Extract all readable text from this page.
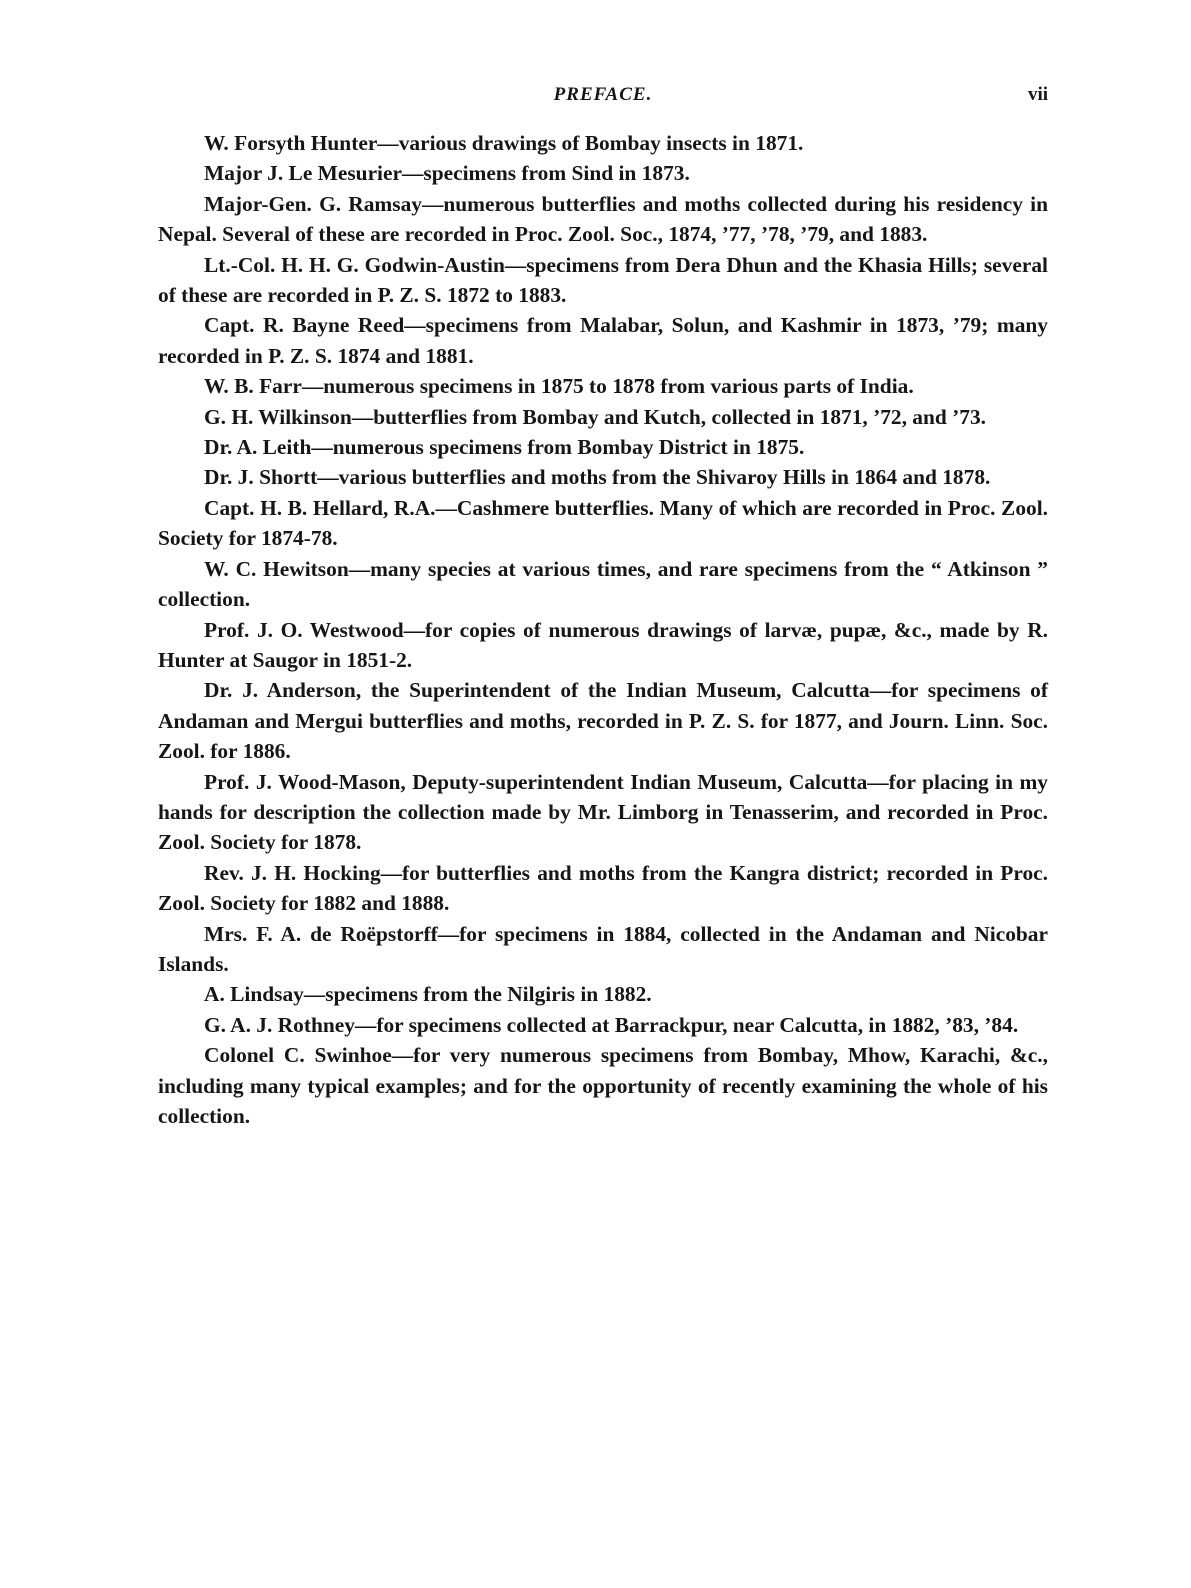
PREFACE.	vii

W. Forsyth Hunter—various drawings of Bombay insects in 1871.

Major J. Le Mesurier—specimens from Sind in 1873.

Major-Gen. G. Ramsay—numerous butterflies and moths collected during his residency in Nepal. Several of these are recorded in Proc. Zool. Soc., 1874, ’77, ’78, ’79, and 1883.

Lt.-Col. H. H. G. Godwin-Austin—specimens from Dera Dhun and the Khasia Hills; several of these are recorded in P. Z. S. 1872 to 1883.

Capt. R. Bayne Reed—specimens from Malabar, Solun, and Kashmir in 1873, ’79; many recorded in P. Z. S. 1874 and 1881.

W. B. Farr—numerous specimens in 1875 to 1878 from various parts of India.

G. H. Wilkinson—butterflies from Bombay and Kutch, collected in 1871, ’72, and ’73.

Dr. A. Leith—numerous specimens from Bombay District in 1875.

Dr. J. Shortt—various butterflies and moths from the Shivaroy Hills in 1864 and 1878.

Capt. H. B. Hellard, R.A.—Cashmere butterflies. Many of which are recorded in Proc. Zool. Society for 1874-78.

W. C. Hewitson—many species at various times, and rare specimens from the “ Atkinson ” collection.

Prof. J. O. Westwood—for copies of numerous drawings of larvæ, pupæ, &c., made by R. Hunter at Saugor in 1851-2.

Dr. J. Anderson, the Superintendent of the Indian Museum, Calcutta—for specimens of Andaman and Mergui butterflies and moths, recorded in P. Z. S. for 1877, and Journ. Linn. Soc. Zool. for 1886.

Prof. J. Wood-Mason, Deputy-superintendent Indian Museum, Calcutta—for placing in my hands for description the collection made by Mr. Limborg in Tenasserim, and recorded in Proc. Zool. Society for 1878.

Rev. J. H. Hocking—for butterflies and moths from the Kangra district; recorded in Proc. Zool. Society for 1882 and 1888.

Mrs. F. A. de Roëpstorff—for specimens in 1884, collected in the Andaman and Nicobar Islands.

A. Lindsay—specimens from the Nilgiris in 1882.

G. A. J. Rothney—for specimens collected at Barrackpur, near Calcutta, in 1882, ’83, ’84.

Colonel C. Swinhoe—for very numerous specimens from Bombay, Mhow, Karachi, &c., including many typical examples; and for the opportunity of recently examining the whole of his collection.
